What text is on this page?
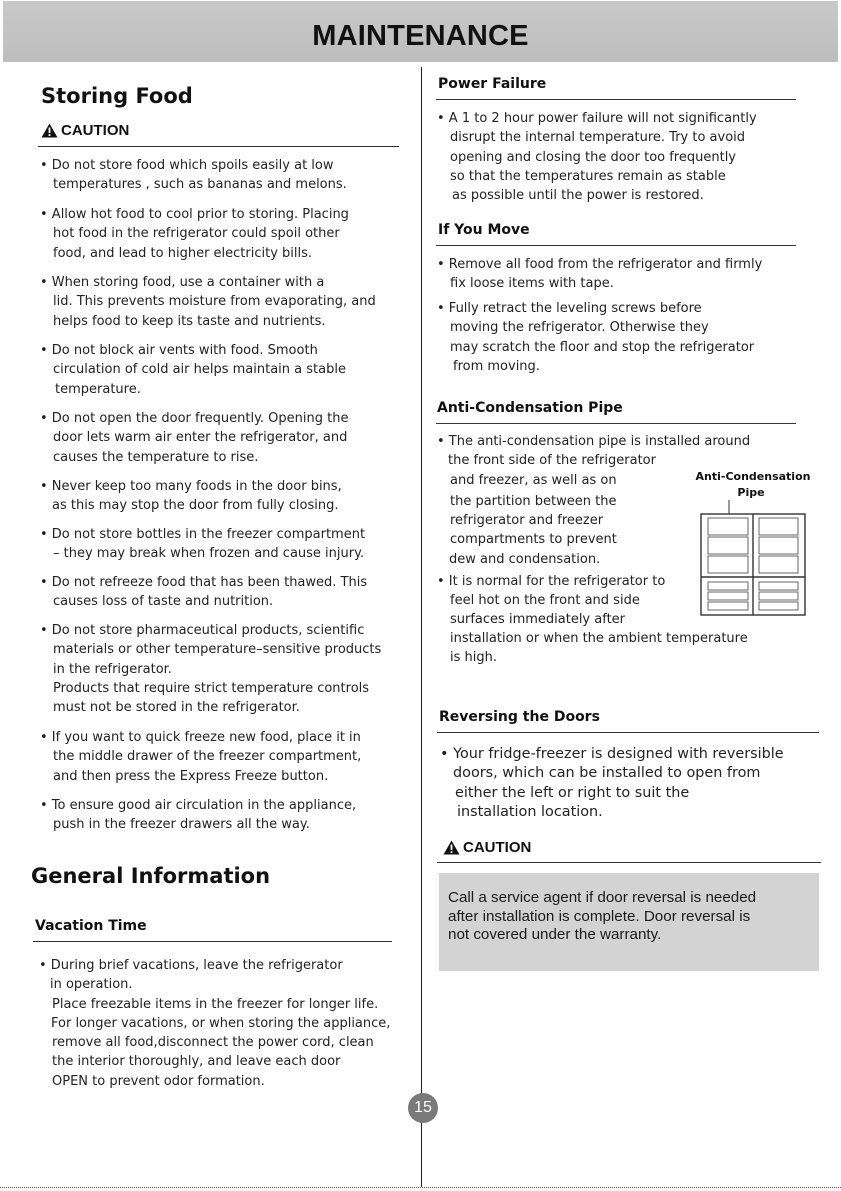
MAINTENANCE
Storing Food
CAUTION
• Do not store food which spoils easily at low
temperatures , such as bananas and melons.
• Allow hot food to cool prior to storing. Placing
hot food in the refrigerator could spoil other
food, and lead to higher electricity bills.
• When storing food, use a container with a
lid. This prevents moisture from evaporating, and
helps food to keep its taste and nutrients.
• Do not block air vents with food. Smooth
circulation of cold air helps maintain a stable
temperature.
• Do not open the door frequently. Opening the
door lets warm air enter the refrigerator, and
causes the temperature to rise.
• Never keep too many foods in the door bins,
as this may stop the door from fully closing.
• Do not store bottles in the freezer compartment
– they may break when frozen and cause injury.
• Do not refreeze food that has been thawed. This
causes loss of taste and nutrition.
• Do not store pharmaceutical products, scientific
materials or other temperature–sensitive products
in the refrigerator.
Products that require strict temperature controls
must not be stored in the refrigerator.
• If you want to quick freeze new food, place it in
the middle drawer of the freezer compartment,
and then press the Express Freeze button.
• To ensure good air circulation in the appliance,
push in the freezer drawers all the way.
General Information
Vacation Time
• During brief vacations, leave the refrigerator
in operation.
Place freezable items in the freezer for longer life.
For longer vacations, or when storing the appliance,
remove all food,disconnect the power cord, clean
the interior thoroughly, and leave each door
OPEN to prevent odor formation.
Power Failure
• A 1 to 2 hour power failure will not significantly
disrupt the internal temperature. Try to avoid
opening and closing the door too frequently
so that the temperatures remain as stable
as possible until the power is restored.
If You Move
• Remove all food from the refrigerator and firmly
fix loose items with tape.
• Fully retract the leveling screws before
moving the refrigerator. Otherwise they
may scratch the floor and stop the refrigerator
from moving.
Anti-Condensation Pipe
• The anti-condensation pipe is installed around
the front side of the refrigerator
and freezer, as well as on
the partition between the
refrigerator and freezer
compartments to prevent
dew and condensation.
• It is normal for the refrigerator to
feel hot on the front and side
surfaces immediately after
installation or when the ambient temperature
is high.
Anti-Condensation
Pipe
Reversing the Doors
• Your fridge-freezer is designed with reversible
doors, which can be installed to open from
either the left or right to suit the
installation location.
CAUTION
Call a service agent if door reversal is needed
after installation is complete. Door reversal is
not covered under the warranty.
15
